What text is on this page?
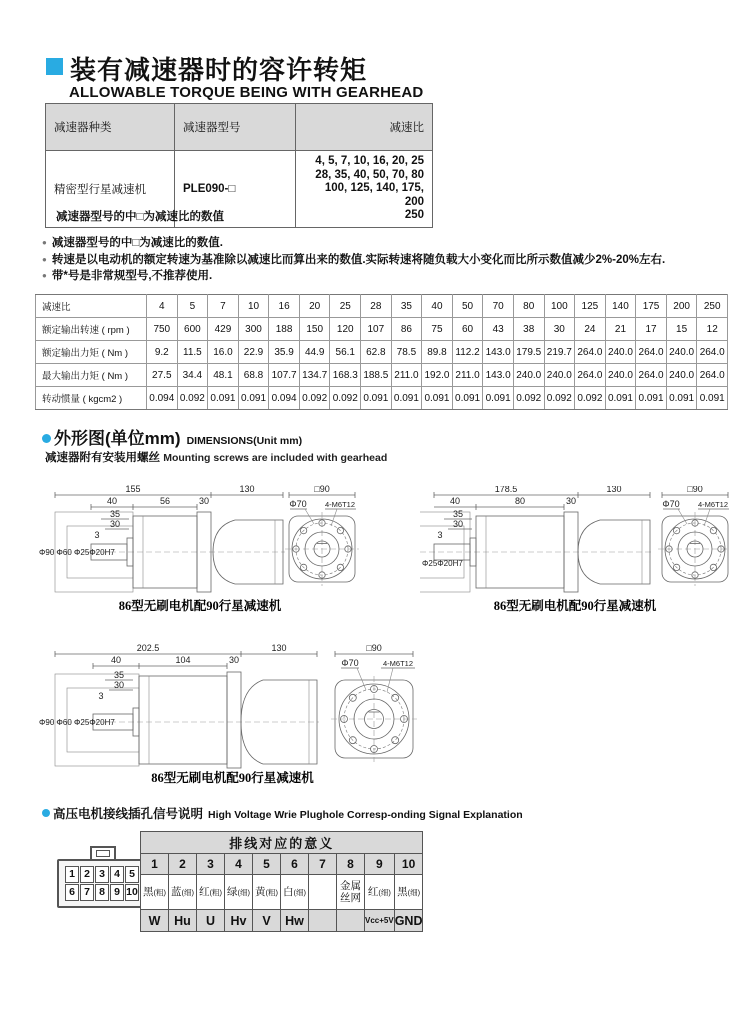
装有减速器时的容许转矩
ALLOWABLE TORQUE BEING WITH GEARHEAD
减速器种类	减速器型号	减速比
精密型行星减速机	PLE090-□	4, 5, 7, 10, 16, 20, 25
28, 35, 40, 50, 70, 80
100, 125, 140, 175, 200
250
减速器型号的中□为减速比的数值
● 减速器型号的中□为减速比的数值.
● 转速是以电动机的额定转速为基准除以减速比而算出来的数值.实际转速将随负载大小变化而比所示数值减少2%-20%左右.
● 带*号是非常规型号,不推荐使用.
减速比	4	5	7	10	16	20	25	28	35	40	50	70	80	100	125	140	175	200	250
额定输出转速 ( rpm )	750	600	429	300	188	150	120	107	86	75	60	43	38	30	24	21	17	15	12
额定输出力矩 ( Nm )	9.2	11.5	16.0	22.9	35.9	44.9	56.1	62.8	78.5	89.8	112.2	143.0	179.5	219.7	264.0	240.0	264.0	240.0	264.0
最大输出力矩 ( Nm )	27.5	34.4	48.1	68.8	107.7	134.7	168.3	188.5	211.0	192.0	211.0	143.0	240.0	240.0	264.0	240.0	264.0	240.0	264.0
转动惯量 ( kgcm2 )	0.094	0.092	0.091	0.091	0.094	0.092	0.092	0.091	0.091	0.091	0.091	0.091	0.092	0.092	0.092	0.091	0.091	0.091	0.091
外形图(单位mm) DIMENSIONS(Unit mm)
减速器附有安装用螺丝 Mounting screws are included with gearhead
155	130
40	56	30
35
30
3
Φ90 Φ60 Φ25Φ20H7
□90
Φ70 4-M6T12
86型无刷电机配90行星减速机
178.5	130
40	80	30
35
30
3
Φ25Φ20H7
□90
Φ70 4-M6T12
86型无刷电机配90行星减速机
202.5	130
40	104	30
35
30
3
Φ90 Φ60 Φ25Φ20H7
□90
Φ70	4-M6T12
86型无刷电机配90行星减速机
高压电机接线插孔信号说明 High Voltage Wrie Plughole Corresp-onding Signal Explanation
1 2 3 4 5
6 7 8 9 10
排线对应的意义									
1	2	3	4	5	6	7	8	9	10
黑(粗)	蓝(细)	红(粗)	绿(细)	黄(粗)	白(细)		金属丝网	红(细)	黑(细)
W	Hu	U	Hv	V	Hw			Vcc+5V	GND
